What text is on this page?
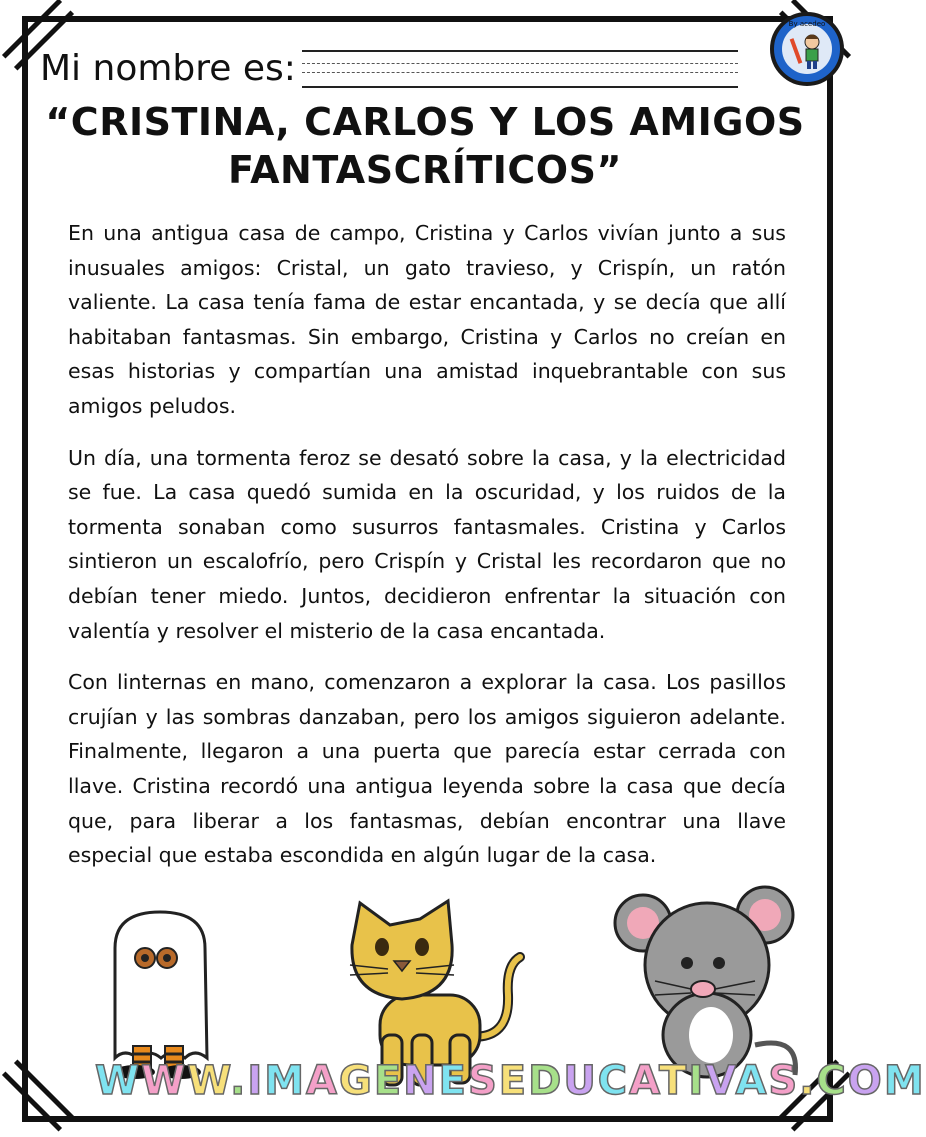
Mi nombre es:
By acedeo
“CRISTINA, CARLOS Y LOS AMIGOS
FANTASCRÍTICOS”

En una antigua casa de campo, Cristina y Carlos vivían junto a sus inusuales amigos: Cristal, un gato travieso, y Crispín, un ratón valiente. La casa tenía fama de estar encantada, y se decía que allí habitaban fantasmas. Sin embargo, Cristina y Carlos no creían en esas historias y compartían una amistad inquebrantable con sus amigos peludos.

Un día, una tormenta feroz se desató sobre la casa, y la electricidad se fue. La casa quedó sumida en la oscuridad, y los ruidos de la tormenta sonaban como susurros fantasmales. Cristina y Carlos sintieron un escalofrío, pero Crispín y Cristal les recordaron que no debían tener miedo. Juntos, decidieron enfrentar la situación con valentía y resolver el misterio de la casa encantada.

Con linternas en mano, comenzaron a explorar la casa. Los pasillos crujían y las sombras danzaban, pero los amigos siguieron adelante. Finalmente, llegaron a una puerta que parecía estar cerrada con llave. Cristina recordó una antigua leyenda sobre la casa que decía que, para liberar a los fantasmas, debían encontrar una llave especial que estaba escondida en algún lugar de la casa.

WWW.IMAGENESEDUCATIVAS.COM
